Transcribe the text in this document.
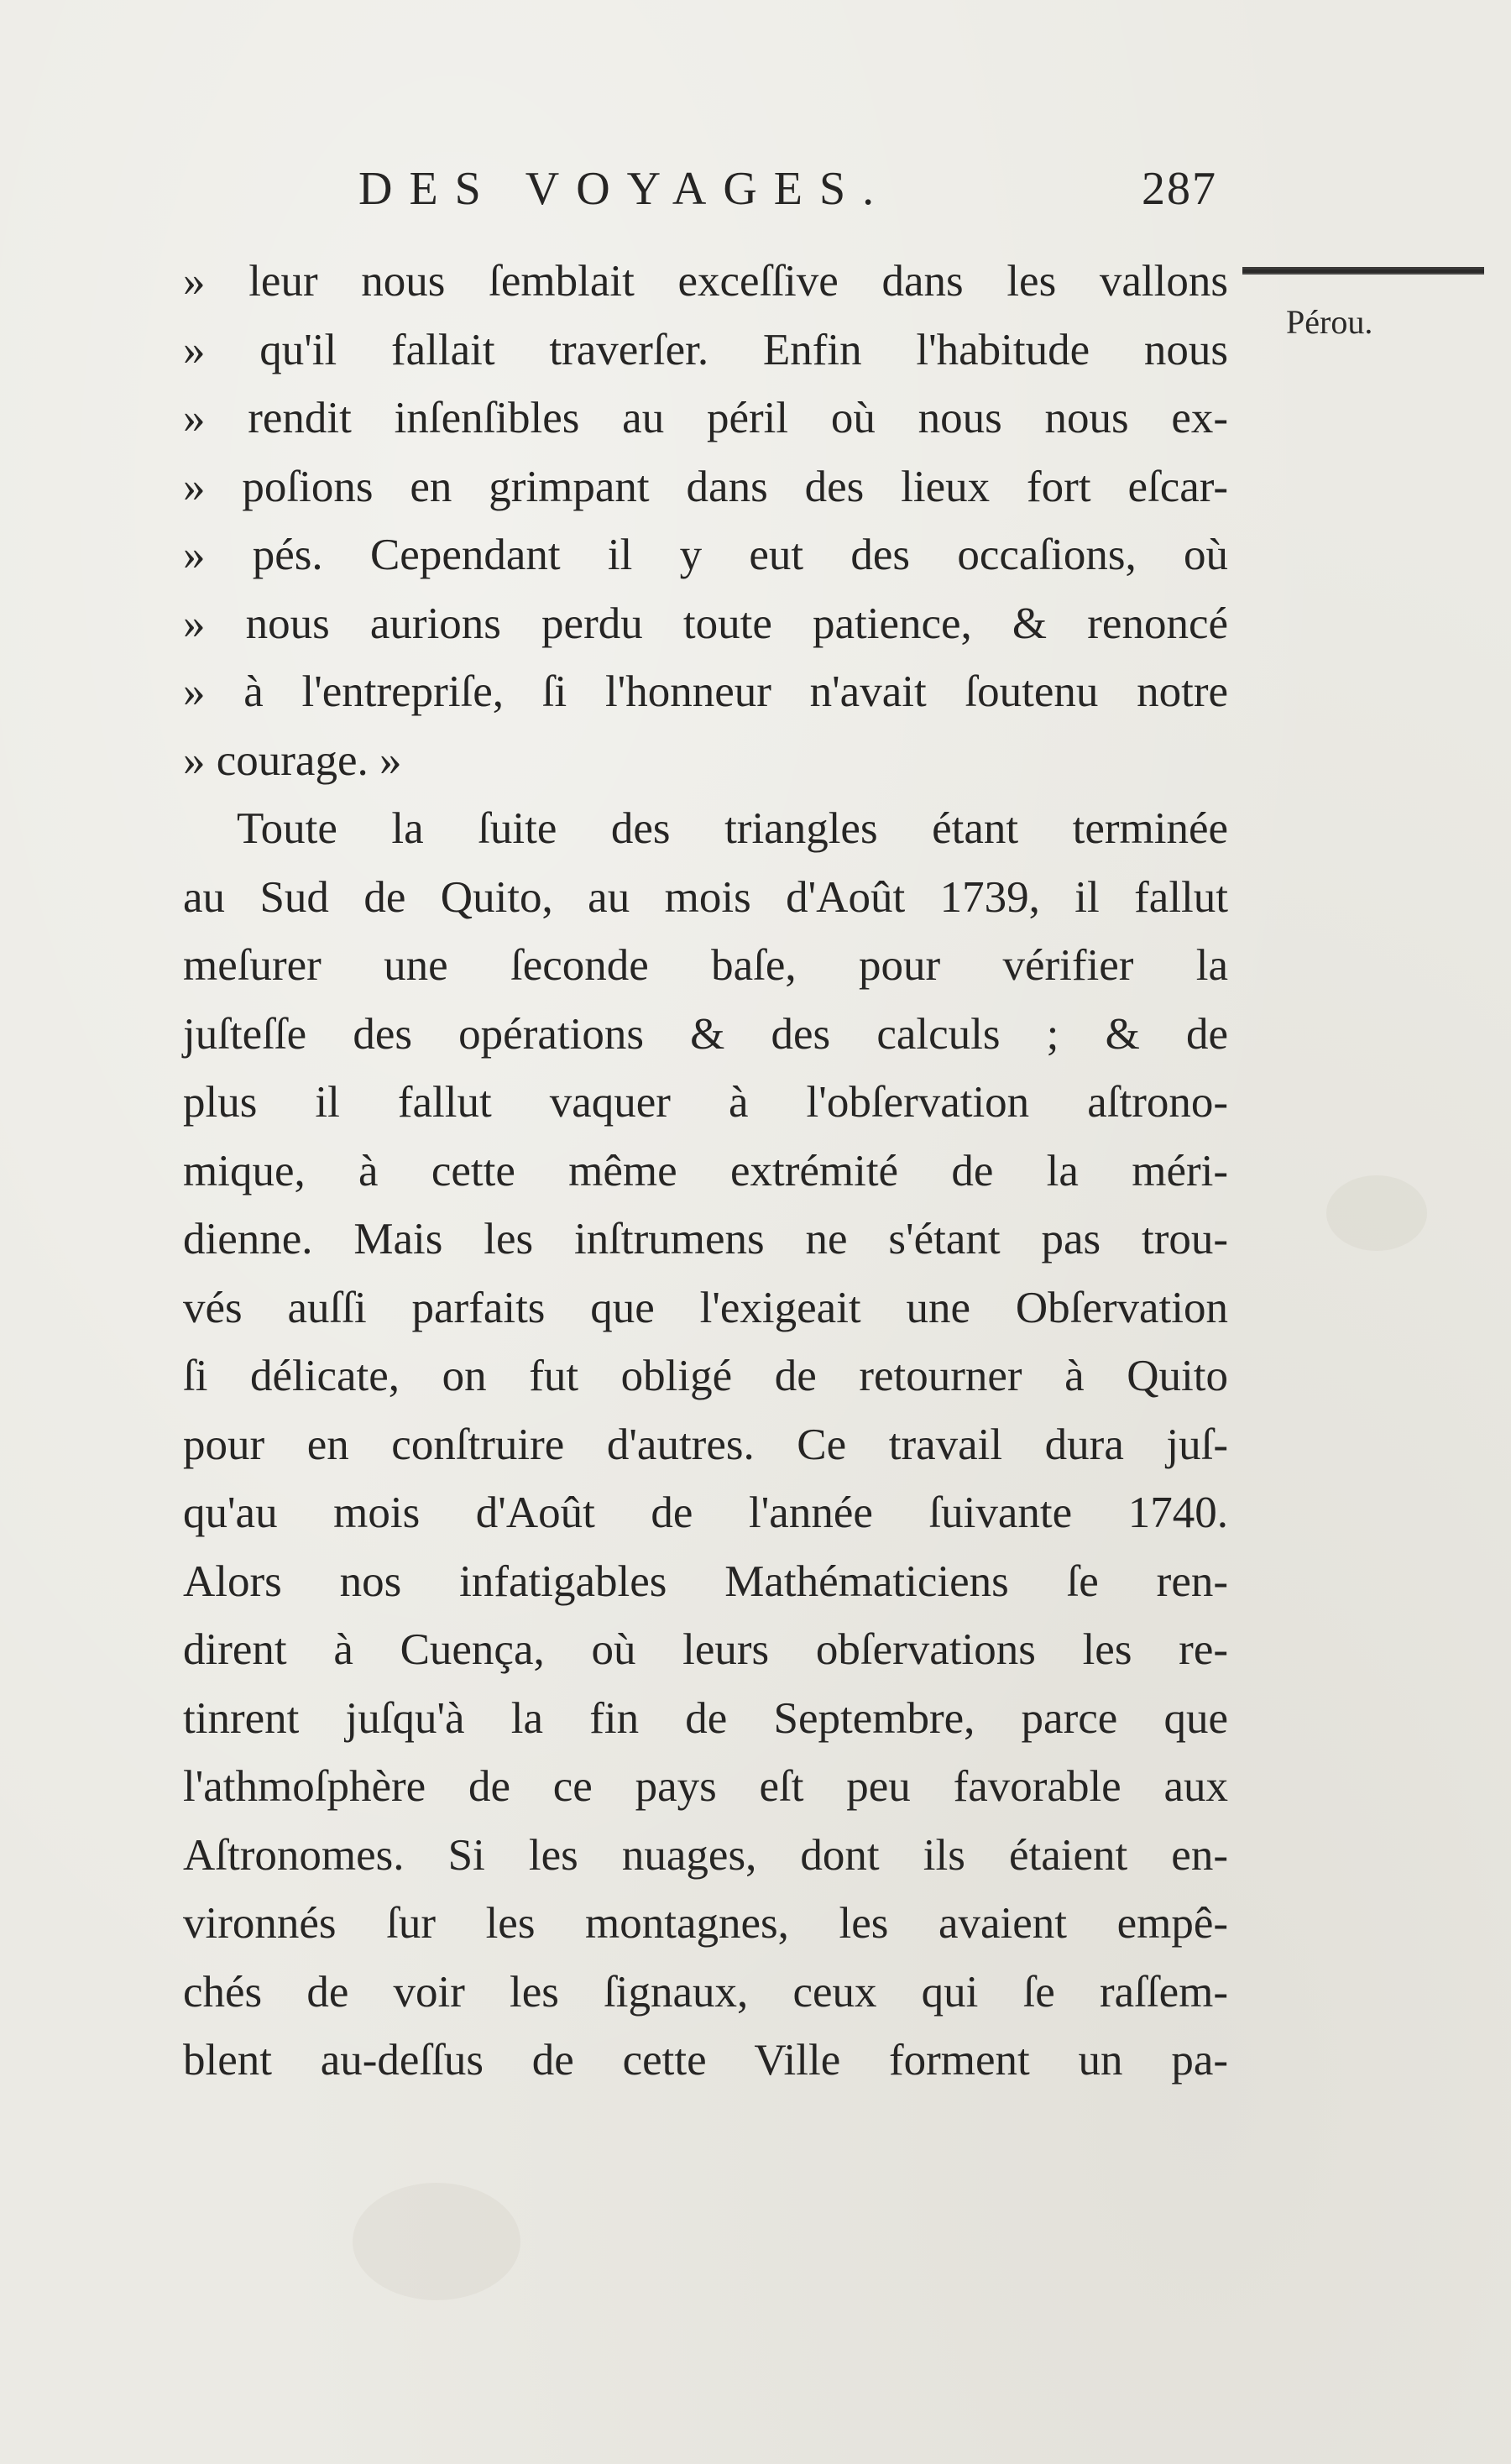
DES VOYAGES.	287
Pérou.
» leur nous ſemblait exceſſive dans les vallons
» qu'il fallait traverſer. Enfin l'habitude nous
» rendit inſenſibles au péril où nous nous ex-
» poſions en grimpant dans des lieux fort eſcar-
» pés. Cependant il y eut des occaſions, où
» nous aurions perdu toute patience, & renoncé
» à l'entrepriſe, ſi l'honneur n'avait ſoutenu notre
» courage. »
Toute la ſuite des triangles étant terminée
au Sud de Quito, au mois d'Août 1739, il fallut
meſurer une ſeconde baſe, pour vérifier la
juſteſſe des opérations & des calculs ; & de
plus il fallut vaquer à l'obſervation aſtrono-
mique, à cette même extrémité de la méri-
dienne. Mais les inſtrumens ne s'étant pas trou-
vés auſſi parfaits que l'exigeait une Obſervation
ſi délicate, on fut obligé de retourner à Quito
pour en conſtruire d'autres. Ce travail dura juſ-
qu'au mois d'Août de l'année ſuivante 1740.
Alors nos infatigables Mathématiciens ſe ren-
dirent à Cuença, où leurs obſervations les re-
tinrent juſqu'à la fin de Septembre, parce que
l'athmoſphère de ce pays eſt peu favorable aux
Aſtronomes. Si les nuages, dont ils étaient en-
vironnés ſur les montagnes, les avaient empê-
chés de voir les ſignaux, ceux qui ſe raſſem-
blent au-deſſus de cette Ville forment un pa-
